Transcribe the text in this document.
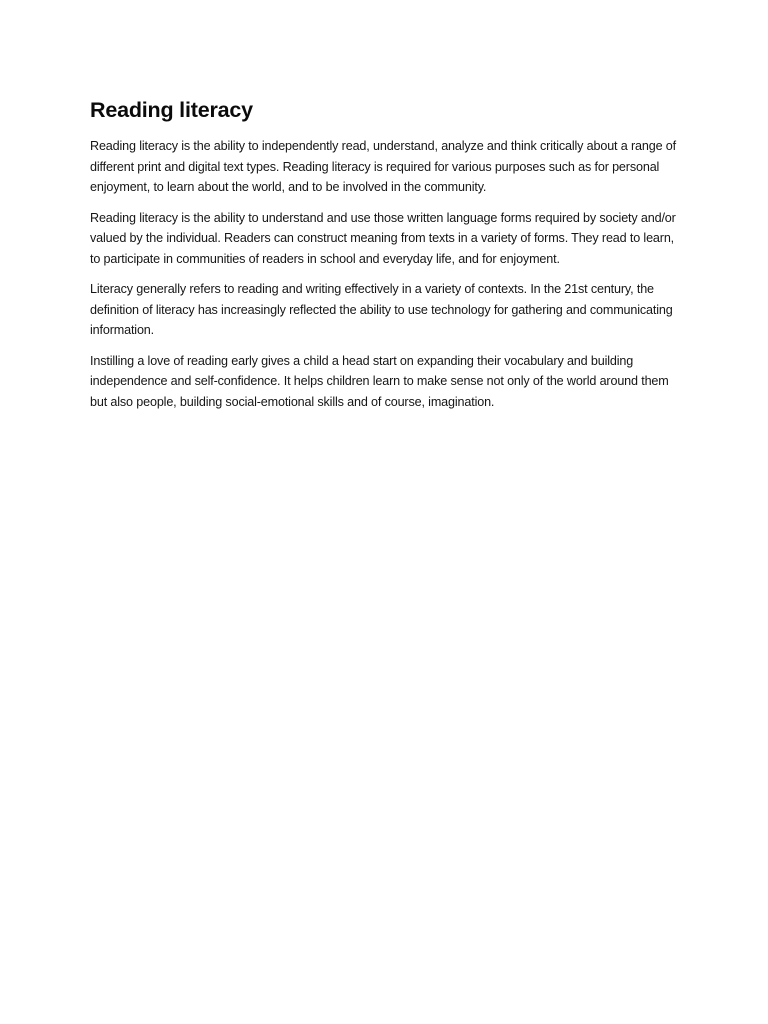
Reading literacy

Reading literacy is the ability to independently read, understand, analyze and think critically about a range of different print and digital text types. Reading literacy is required for various purposes such as for personal enjoyment, to learn about the world, and to be involved in the community.

Reading literacy is the ability to understand and use those written language forms required by society and/or valued by the individual. Readers can construct meaning from texts in a variety of forms. They read to learn, to participate in communities of readers in school and everyday life, and for enjoyment.

Literacy generally refers to reading and writing effectively in a variety of contexts. In the 21st century, the definition of literacy has increasingly reflected the ability to use technology for gathering and communicating information.

Instilling a love of reading early gives a child a head start on expanding their vocabulary and building independence and self-confidence. It helps children learn to make sense not only of the world around them but also people, building social-emotional skills and of course, imagination.
